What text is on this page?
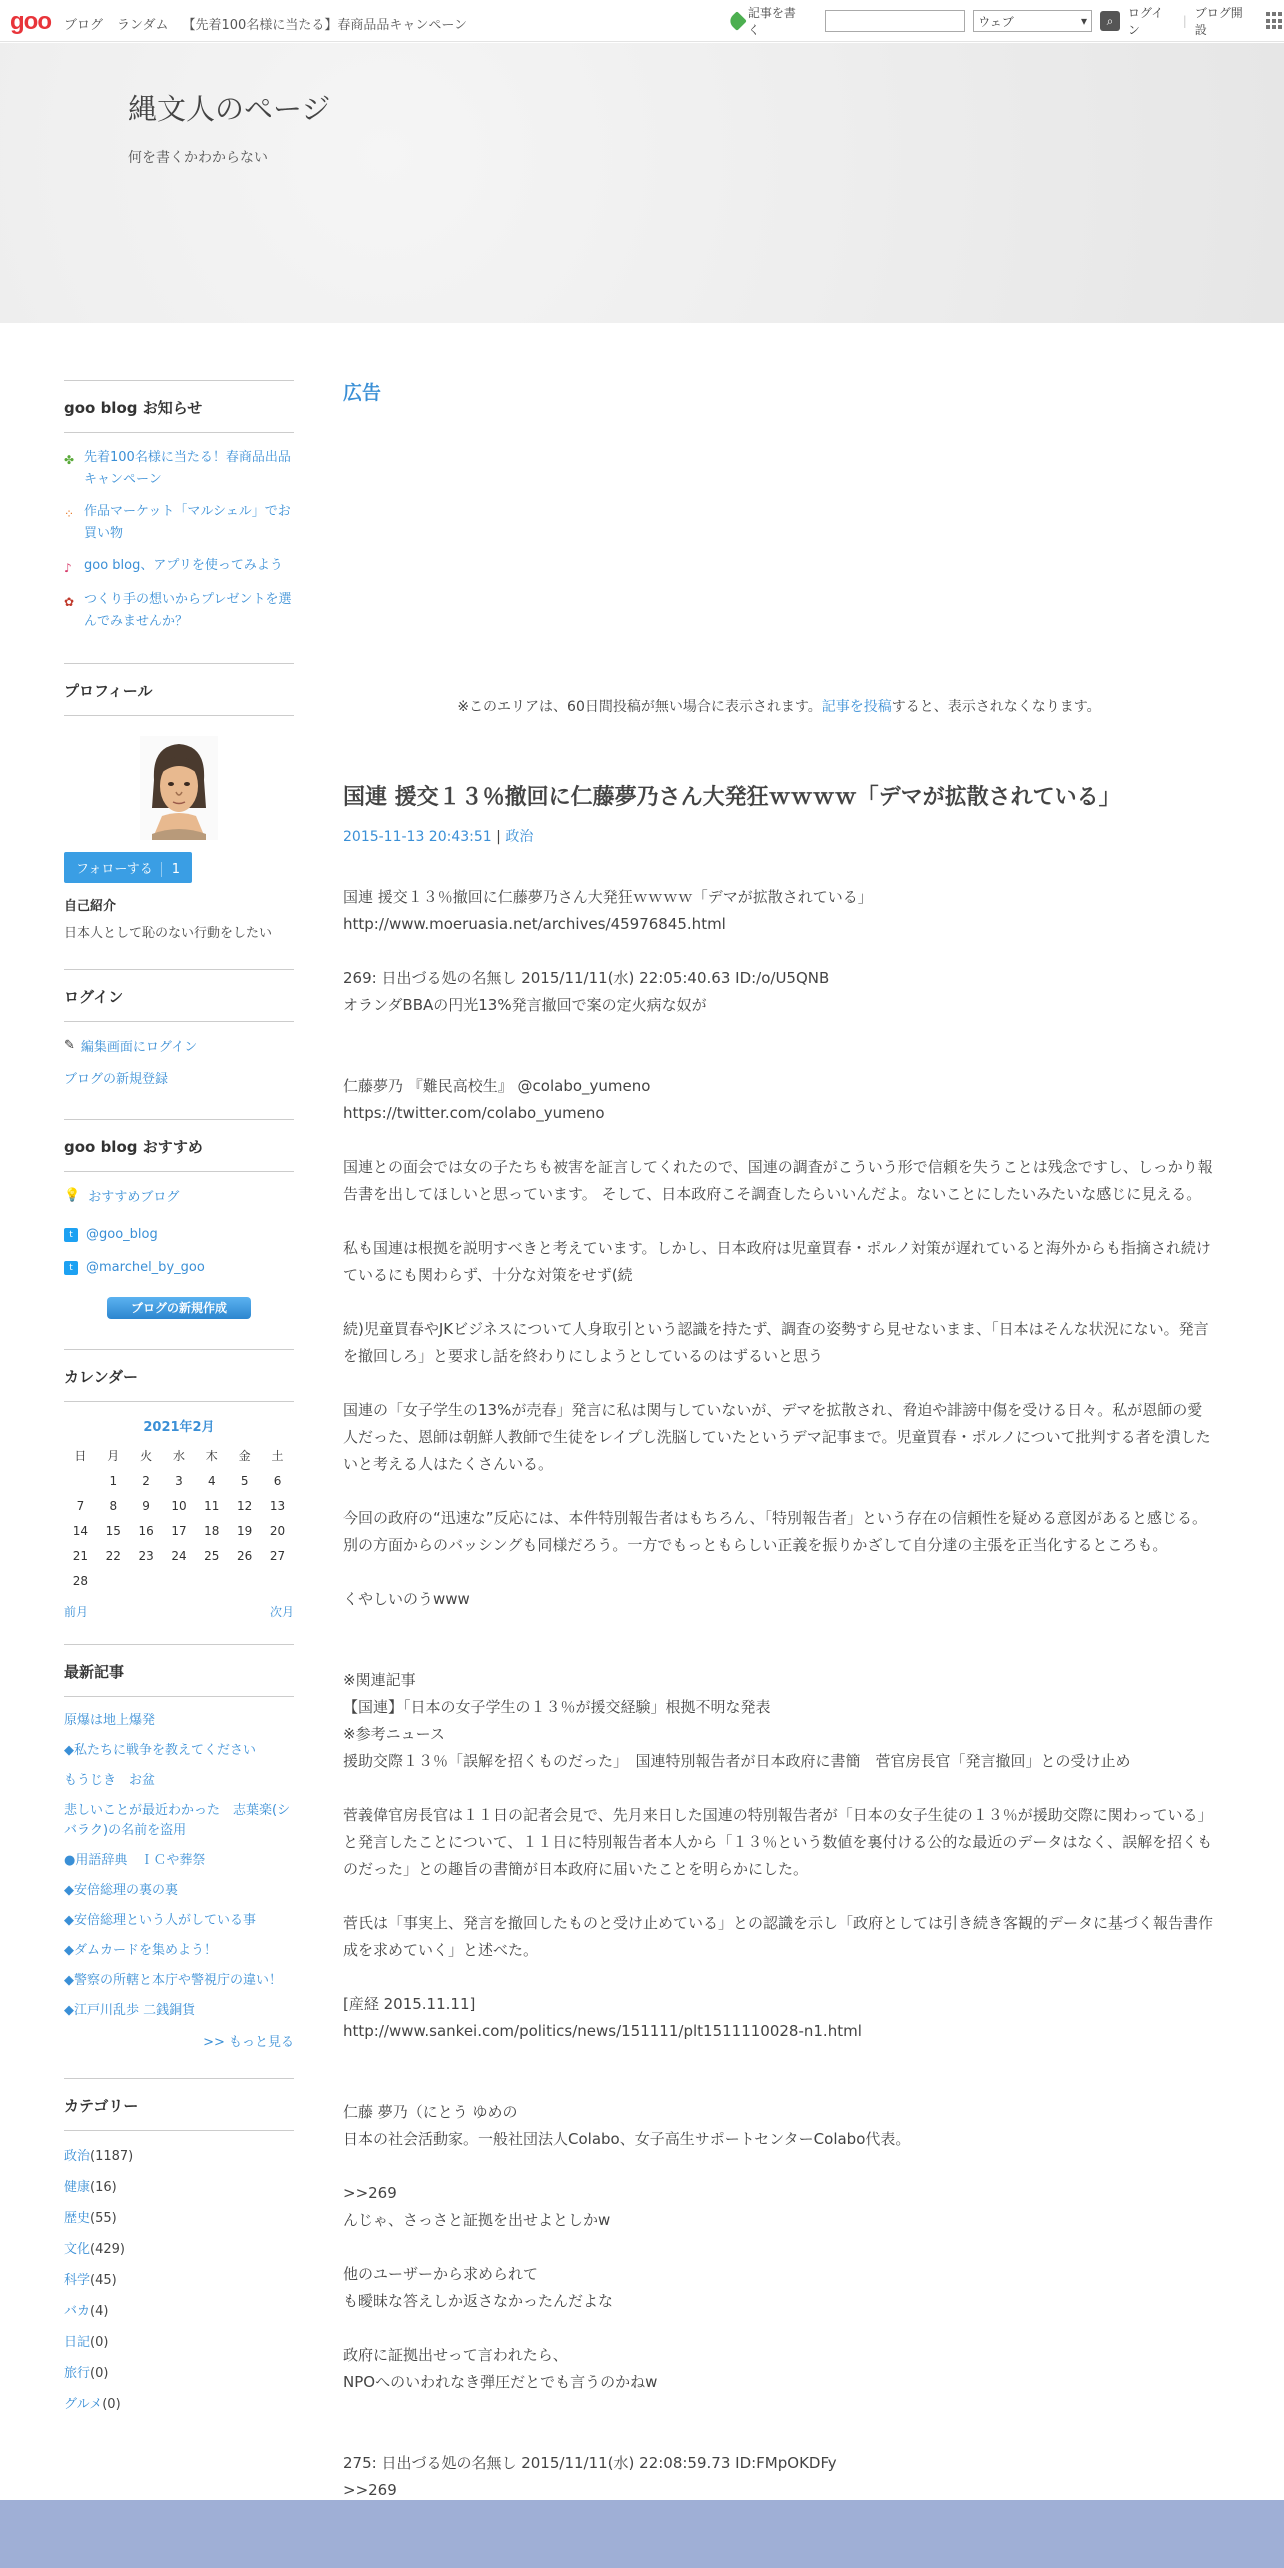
goo ブログ ランダム 【先着100名様に当たる】春商品品キャンペーン
記事を書く
ウェブ	▾ ⌕
ログイン
|
ブログ開設
縄文人のページ
何を書くかわからない
goo blog お知らせ
✤ 先着100名様に当たる！春商品出品キャンペーン
⁘ 作品マーケット「マルシェル」でお買い物
♪ goo blog、アプリを使ってみよう
✿ つくり手の想いからプレゼントを選んでみませんか？
プロフィール
フォローする 1
自己紹介
日本人として恥のない行動をしたい
ログイン
✎ 編集画面にログイン
ブログの新規登録
goo blog おすすめ
💡 おすすめブログ
t	@goo_blog
t	@marchel_by_goo
ブログの新規作成
カレンダー
2021年2月
日	月	火	水	木	金	土
	1	2	3	4	5	6
7	8	9	10	11	12	13
14	15	16	17	18	19	20
21	22	23	24	25	26	27
28						
前月	次月
最新記事
原爆は地上爆発
◆私たちに戦争を教えてください
もうじき　お盆
悲しいことが最近わかった　志葉楽(シバラク)の名前を盗用
●用語辞典　ＩＣや葬祭
◆安倍総理の裏の裏
◆安倍総理という人がしている事
◆ダムカードを集めよう！
◆警察の所轄と本庁や警視庁の違い！
◆江戸川乱歩 二銭銅貨
>> もっと見る
カテゴリー
政治(1187)
健康(16)
歴史(55)
文化(429)
科学(45)
バカ(4)
日記(0)
旅行(0)
グルメ(0)
広告
※このエリアは、60日間投稿が無い場合に表示されます。記事を投稿すると、表示されなくなります。
国連 援交１３％撤回に仁藤夢乃さん大発狂ｗｗｗｗ「デマが拡散されている」
2015-11-13 20:43:51 | 政治

国連 援交１３％撤回に仁藤夢乃さん大発狂ｗｗｗｗ「デマが拡散されている」

http://www.moeruasia.net/archives/45976845.html

269: 日出づる処の名無し 2015/11/11(水) 22:05:40.63 ID:/o/U5QNB

オランダBBAの円光13%発言撤回で案の定火病な奴が

仁藤夢乃 『難民高校生』 @colabo_yumeno

https://twitter.com/colabo_yumeno

国連との面会では女の子たちも被害を証言してくれたので、国連の調査がこういう形で信頼を失うことは残念ですし、しっかり報告書を出してほしいと思っています。 そして、日本政府こそ調査したらいいんだよ。ないことにしたいみたいな感じに見える。

私も国連は根拠を説明すべきと考えています。しかし、日本政府は児童買春・ポルノ対策が遅れていると海外からも指摘され続けているにも関わらず、十分な対策をせず(続

続)児童買春やJKビジネスについて人身取引という認識を持たず、調査の姿勢すら見せないまま、「日本はそんな状況にない。発言を撤回しろ」と要求し話を終わりにしようとしているのはずるいと思う

国連の「女子学生の13%が売春」発言に私は関与していないが、デマを拡散され、脅迫や誹謗中傷を受ける日々。私が恩師の愛人だった、恩師は朝鮮人教師で生徒をレイプし洗脳していたというデマ記事まで。児童買春・ポルノについて批判する者を潰したいと考える人はたくさんいる。

今回の政府の“迅速な”反応には、本件特別報告者はもちろん、「特別報告者」という存在の信頼性を疑める意図があると感じる。別の方面からのバッシングも同様だろう。一方でもっともらしい正義を振りかざして自分達の主張を正当化するところも。

くやしいのうwww

※関連記事

【国連】「日本の女子学生の１３％が援交経験」根拠不明な発表

※参考ニュース

援助交際１３％「誤解を招くものだった」　国連特別報告者が日本政府に書簡　菅官房長官「発言撤回」との受け止め

菅義偉官房長官は１１日の記者会見で、先月来日した国連の特別報告者が「日本の女子生徒の１３％が援助交際に関わっている」と発言したことについて、１１日に特別報告者本人から「１３％という数値を裏付ける公的な最近のデータはなく、誤解を招くものだった」との趣旨の書簡が日本政府に届いたことを明らかにした。

菅氏は「事実上、発言を撤回したものと受け止めている」との認識を示し「政府としては引き続き客観的データに基づく報告書作成を求めていく」と述べた。

[産経 2015.11.11]

http://www.sankei.com/politics/news/151111/plt1511110028-n1.html

仁藤 夢乃（にとう ゆめの

日本の社会活動家。一般社団法人Colabo、女子高生サポートセンターColabo代表。

>>269

んじゃ、さっさと証拠を出せよとしかw

他のユーザーから求められて

も曖昧な答えしか返さなかったんだよな

政府に証拠出せって言われたら、

NPOへのいわれなき弾圧だとでも言うのかねw

275: 日出づる処の名無し 2015/11/11(水) 22:08:59.73 ID:FMpOKDFy

>>269
